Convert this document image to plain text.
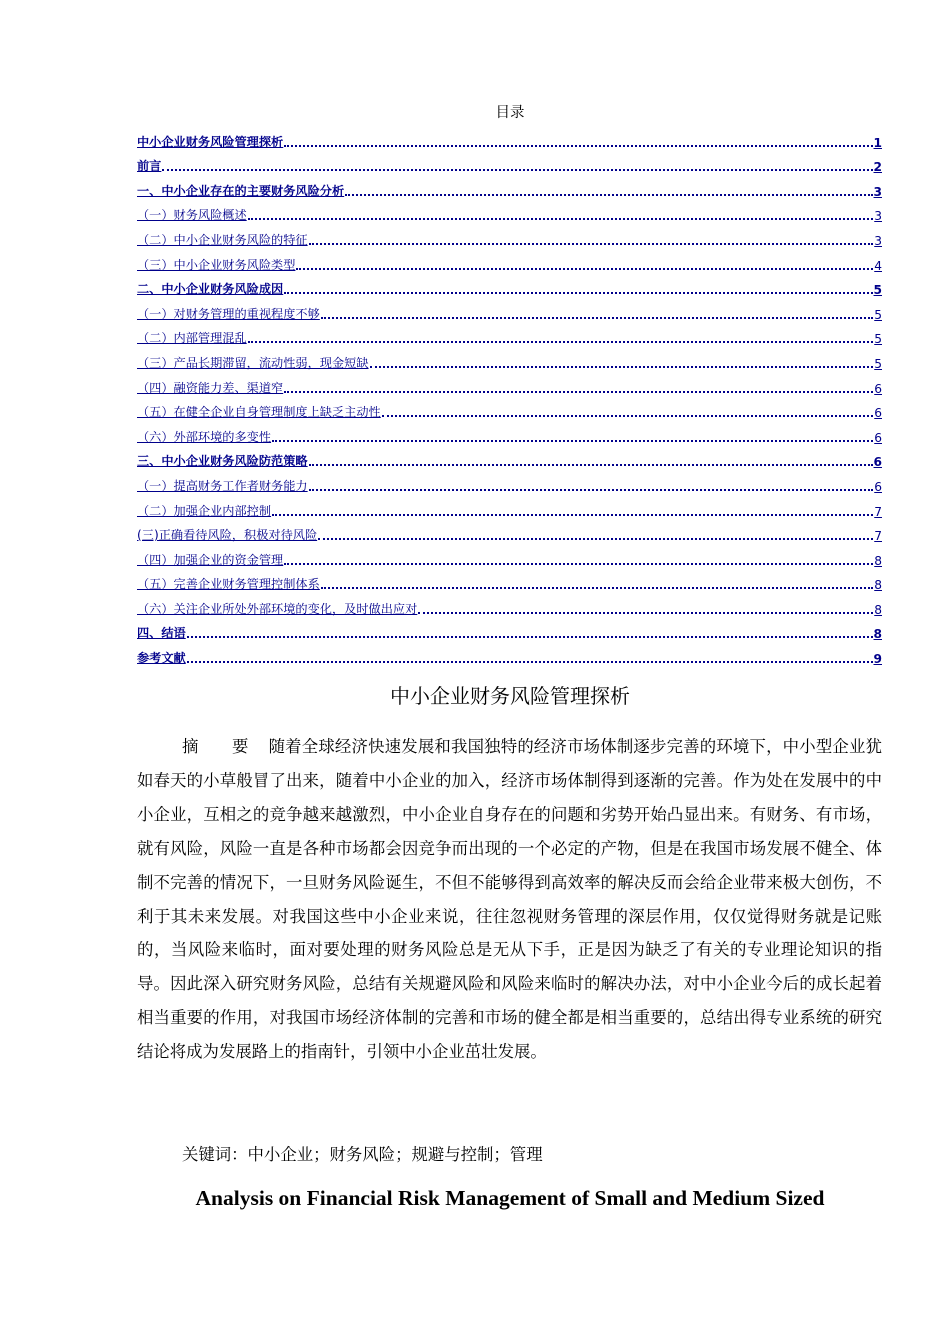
目录
中小企业财务风险管理探析	1
前言	2
一、中小企业存在的主要财务风险分析	3
（一）财务风险概述	3
（二）中小企业财务风险的特征	3
（三）中小企业财务风险类型	4
二、中小企业财务风险成因	5
（一）对财务管理的重视程度不够	5
（二）内部管理混乱	5
（三）产品长期滞留，流动性弱，现金短缺	5
（四）融资能力差、渠道窄	6
（五）在健全企业自身管理制度上缺乏主动性	6
（六）外部环境的多变性	6
三、中小企业财务风险防范策略	6
（一）提高财务工作者财务能力	6
（二）加强企业内部控制	7
(三)正确看待风险，积极对待风险	7
（四）加强企业的资金管理	8
（五）完善企业财务管理控制体系	8
（六）关注企业所处外部环境的变化，及时做出应对	8
四、结语	8
参考文献	9
中小企业财务风险管理探析

摘 要 随着全球经济快速发展和我国独特的经济市场体制逐步完善的环境下，中小型企业犹如春天的小草般冒了出来，随着中小企业的加入，经济市场体制得到逐渐的完善。作为处在发展中的中小企业，互相之的竞争越来越激烈，中小企业自身存在的问题和劣势开始凸显出来。有财务、有市场，就有风险，风险一直是各种市场都会因竞争而出现的一个必定的产物，但是在我国市场发展不健全、体制不完善的情况下，一旦财务风险诞生，不但不能够得到高效率的解决反而会给企业带来极大创伤，不利于其未来发展。对我国这些中小企业来说，往往忽视财务管理的深层作用，仅仅觉得财务就是记账的，当风险来临时，面对要处理的财务风险总是无从下手，正是因为缺乏了有关的专业理论知识的指导。因此深入研究财务风险，总结有关规避风险和风险来临时的解决办法，对中小企业今后的成长起着相当重要的作用，对我国市场经济体制的完善和市场的健全都是相当重要的，总结出得专业系统的研究结论将成为发展路上的指南针，引领中小企业茁壮发展。

关键词：中小企业；财务风险；规避与控制；管理
Analysis on Financial Risk Management of Small and Medium Sized
